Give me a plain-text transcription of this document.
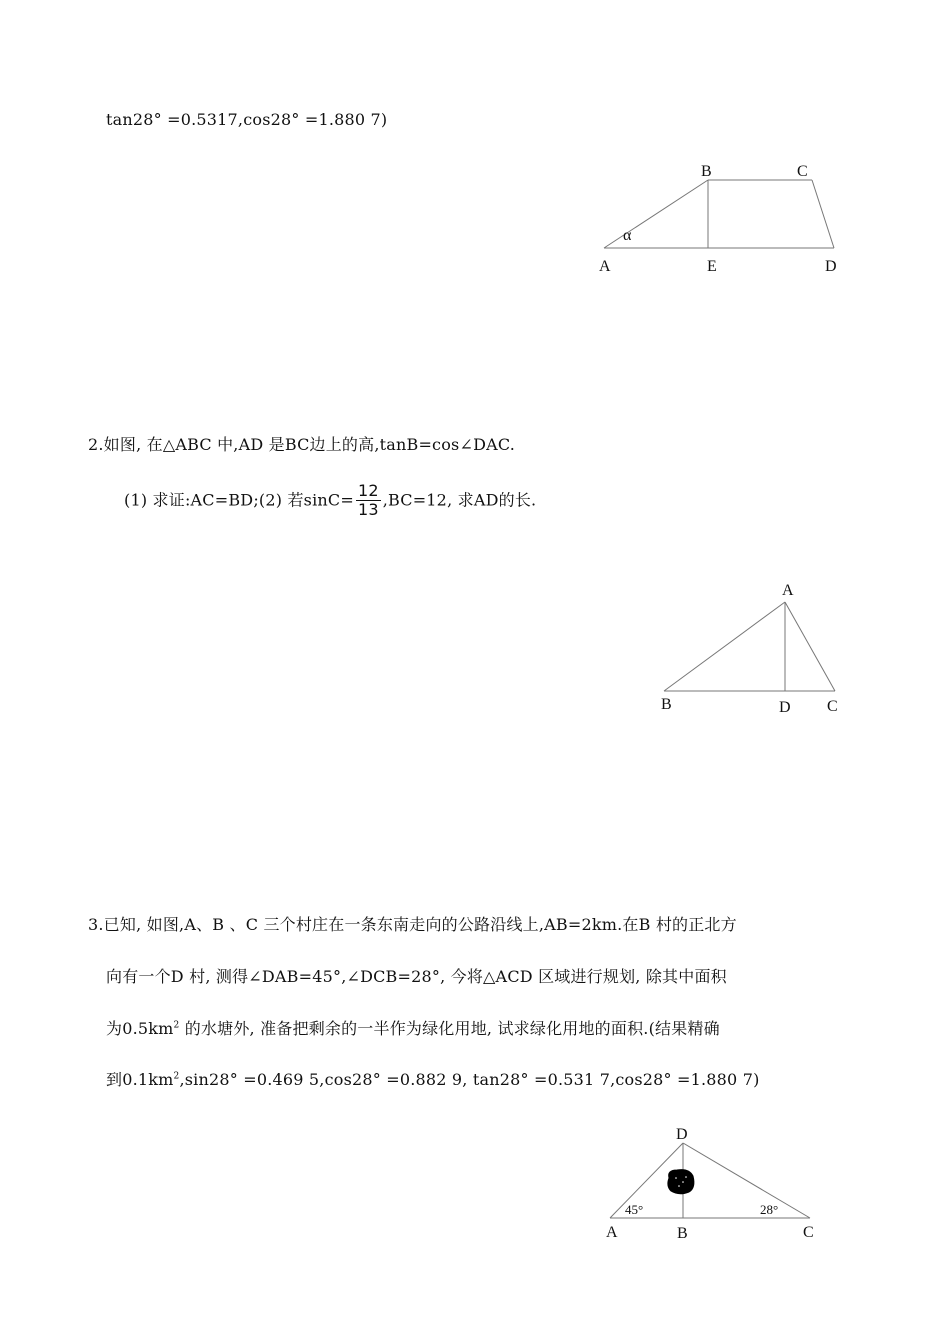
tan28° =0.5317,cos28° =1.880 7)
B	C
α
A	E	D
2.如图, 在△ABC 中,AD 是BC边上的高,tanB=cos∠DAC.
(1) 求证:AC=BD;(2) 若$\sin C= \frac{12}{13} ,BC=12$, 求AD的长.
A
B	D C
3.已知, 如图,A、B 、C 三个村庄在一条东南走向的公路沿线上,AB=2km.在B 村的正北方
向有一个D 村, 测得∠DAB=45°,∠DCB=28°, 今将△ACD 区域进行规划, 除其中面积
为$0.5km^2$ 的水塘外, 准备把剩余的一半作为绿化用地, 试求绿化用地的面积.(结果精确
到$0.1km^2,\sin 28^\circ =0.469$ 5,cos28° =0.882 9, tan28° =0.531 7,cos28° =1.880 7)
D
45°	28°
A	B	C
